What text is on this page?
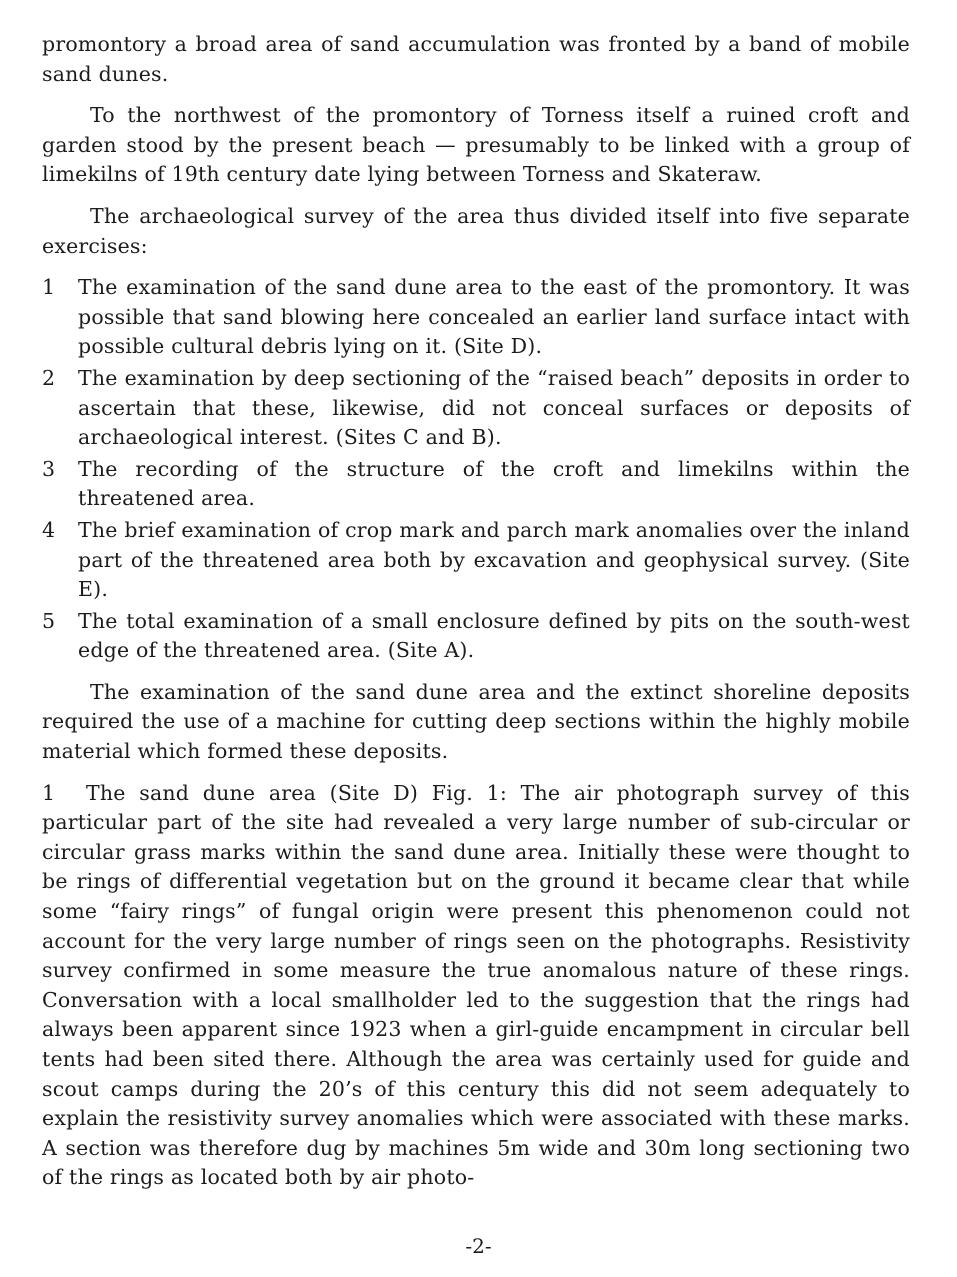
promontory a broad area of sand accumulation was fronted by a band of mobile sand dunes.

To the northwest of the promontory of Torness itself a ruined croft and garden stood by the present beach — presumably to be linked with a group of limekilns of 19th century date lying between Torness and Skateraw.

The archaeological survey of the area thus divided itself into five separate exercises:

1 The examination of the sand dune area to the east of the promontory. It was possible that sand blowing here concealed an earlier land surface intact with possible cultural debris lying on it. (Site D).
2 The examination by deep sectioning of the “raised beach” deposits in order to ascertain that these, likewise, did not conceal surfaces or deposits of archaeological interest. (Sites C and B).
3 The recording of the structure of the croft and limekilns within the threatened area.
4 The brief examination of crop mark and parch mark anomalies over the inland part of the threatened area both by excavation and geophysical survey. (Site E).
5 The total examination of a small enclosure defined by pits on the south-west edge of the threatened area. (Site A).

The examination of the sand dune area and the extinct shoreline deposits required the use of a machine for cutting deep sections within the highly mobile material which formed these deposits.

1 The sand dune area (Site D) Fig. 1: The air photograph survey of this particular part of the site had revealed a very large number of sub-circular or circular grass marks within the sand dune area. Initially these were thought to be rings of differential vegetation but on the ground it became clear that while some “fairy rings” of fungal origin were present this phenomenon could not account for the very large number of rings seen on the photographs. Resistivity survey confirmed in some measure the true anomalous nature of these rings. Conversation with a local smallholder led to the suggestion that the rings had always been apparent since 1923 when a girl-guide encampment in circular bell tents had been sited there. Although the area was certainly used for guide and scout camps during the 20’s of this century this did not seem adequately to explain the resistivity survey anomalies which were associated with these marks. A section was therefore dug by machines 5m wide and 30m long sectioning two of the rings as located both by air photo-

-2-
